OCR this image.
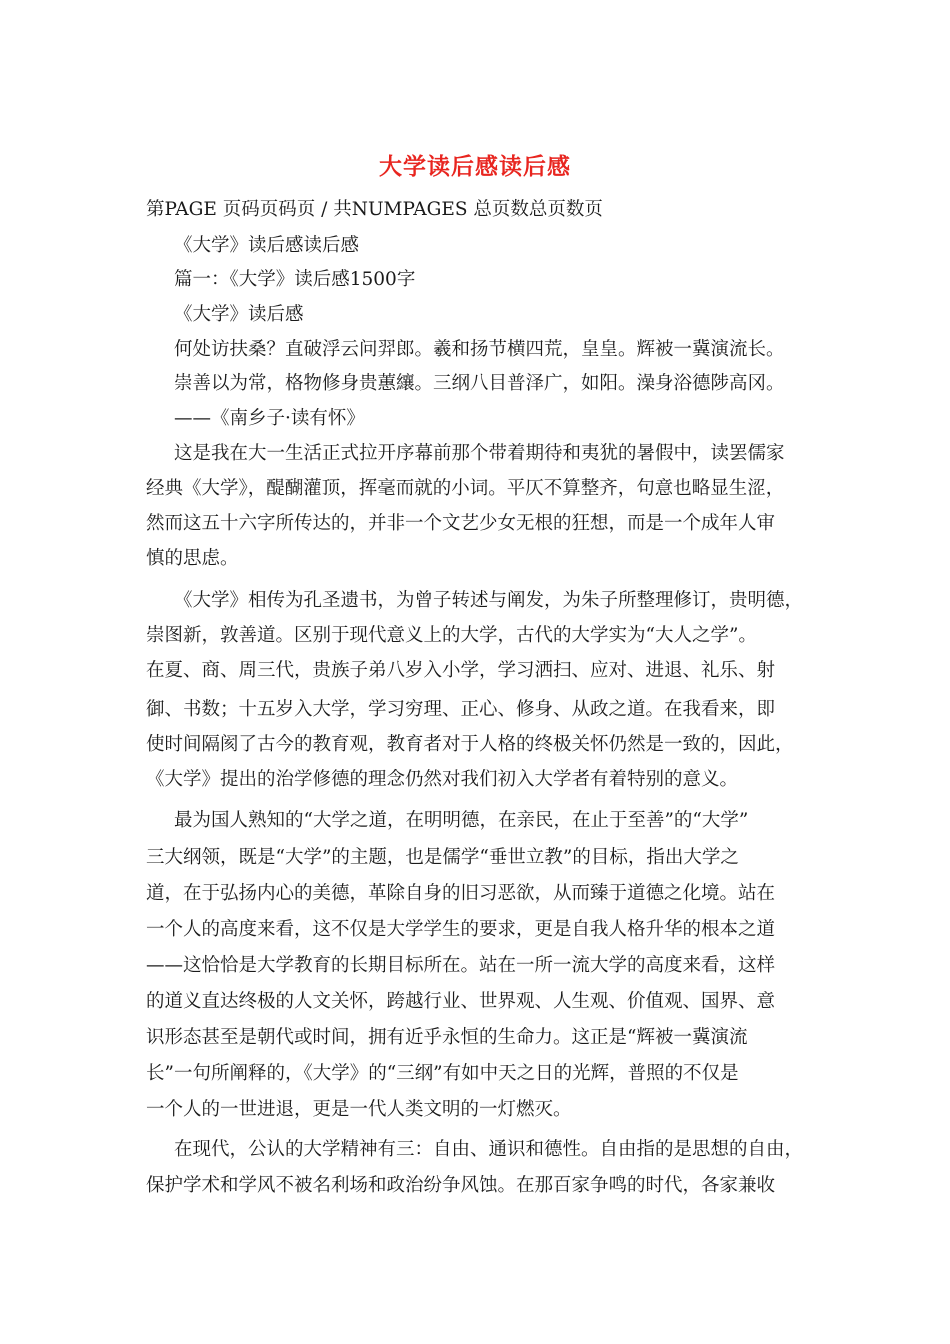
大学读后感读后感

第PAGE 页码页码页 / 共NUMPAGES 总页数总页数页

《大学》读后感读后感

篇一：《大学》读后感1500字

《大学》读后感

何处访扶桑？直破浮云问羿郎。羲和扬节横四荒，皇皇。辉被一冀演流长。

崇善以为常，格物修身贵蕙纕。三纲八目普泽广，如阳。澡身浴德陟高冈。

——《南乡子·读有怀》

这是我在大一生活正式拉开序幕前那个带着期待和夷犹的暑假中，读罢儒家

经典《大学》，醍醐灌顶，挥毫而就的小词。平仄不算整齐，句意也略显生涩，

然而这五十六字所传达的，并非一个文艺少女无根的狂想，而是一个成年人审

慎的思虑。

《大学》相传为孔圣遗书，为曾子转述与阐发，为朱子所整理修订，贵明德，

崇图新，敦善道。区别于现代意义上的大学，古代的大学实为“大人之学”。

在夏、商、周三代，贵族子弟八岁入小学，学习洒扫、应对、进退、礼乐、射

御、书数；十五岁入大学，学习穷理、正心、修身、从政之道。在我看来，即

使时间隔阂了古今的教育观，教育者对于人格的终极关怀仍然是一致的，因此，

《大学》提出的治学修德的理念仍然对我们初入大学者有着特别的意义。

最为国人熟知的“大学之道，在明明德，在亲民，在止于至善”的“大学”

三大纲领，既是“大学”的主题，也是儒学“垂世立教”的目标，指出大学之

道，在于弘扬内心的美德，革除自身的旧习恶欲，从而臻于道德之化境。站在

一个人的高度来看，这不仅是大学学生的要求，更是自我人格升华的根本之道

——这恰恰是大学教育的长期目标所在。站在一所一流大学的高度来看，这样

的道义直达终极的人文关怀，跨越行业、世界观、人生观、价值观、国界、意

识形态甚至是朝代或时间，拥有近乎永恒的生命力。这正是“辉被一冀演流

长”一句所阐释的，《大学》的“三纲”有如中天之日的光辉，普照的不仅是

一个人的一世进退，更是一代人类文明的一灯燃灭。

在现代，公认的大学精神有三：自由、通识和德性。自由指的是思想的自由，

保护学术和学风不被名利场和政治纷争风蚀。在那百家争鸣的时代，各家兼收
